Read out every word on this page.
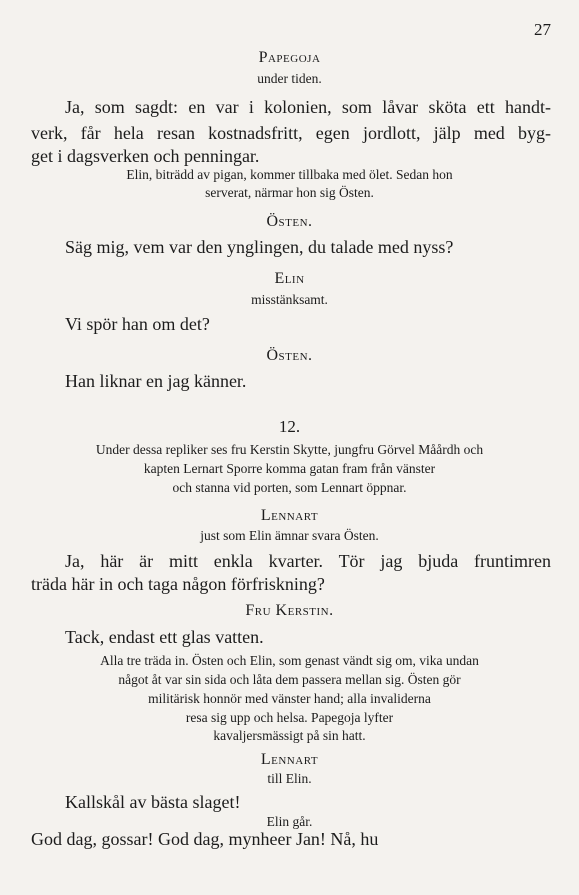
27
Papegoja
under tiden.
Ja, som sagdt: en var i kolonien, som låvar sköta ett handt-
verk, får hela resan kostnadsfritt, egen jordlott, jälp med byg-
get i dagsverken och penningar.
Elin, biträdd av pigan, kommer tillbaka med ölet. Sedan hon
serverat, närmar hon sig Östen.
Östen.
Säg mig, vem var den ynglingen, du talade med nyss?
Elin
misstänksamt.
Vi spör han om det?
Östen.
Han liknar en jag känner.
12.
Under dessa repliker ses fru Kerstin Skytte, jungfru Görvel Måårdh och
kapten Lernart Sporre komma gatan fram från vänster
och stanna vid porten, som Lennart öppnar.
Lennart
just som Elin ämnar svara Östen.
Ja, här är mitt enkla kvarter. Tör jag bjuda fruntimren
träda här in och taga någon förfriskning?
Fru Kerstin.
Tack, endast ett glas vatten.
Alla tre träda in. Östen och Elin, som genast vändt sig om, vika undan
något åt var sin sida och låta dem passera mellan sig. Östen gör
militärisk honnör med vänster hand; alla invaliderna
resa sig upp och helsa. Papegoja lyfter
kavaljersmässigt på sin hatt.
Lennart
till Elin.
Kallskål av bästa slaget!
Elin går.
God dag, gossar! God dag, mynheer Jan! Nå, hu
